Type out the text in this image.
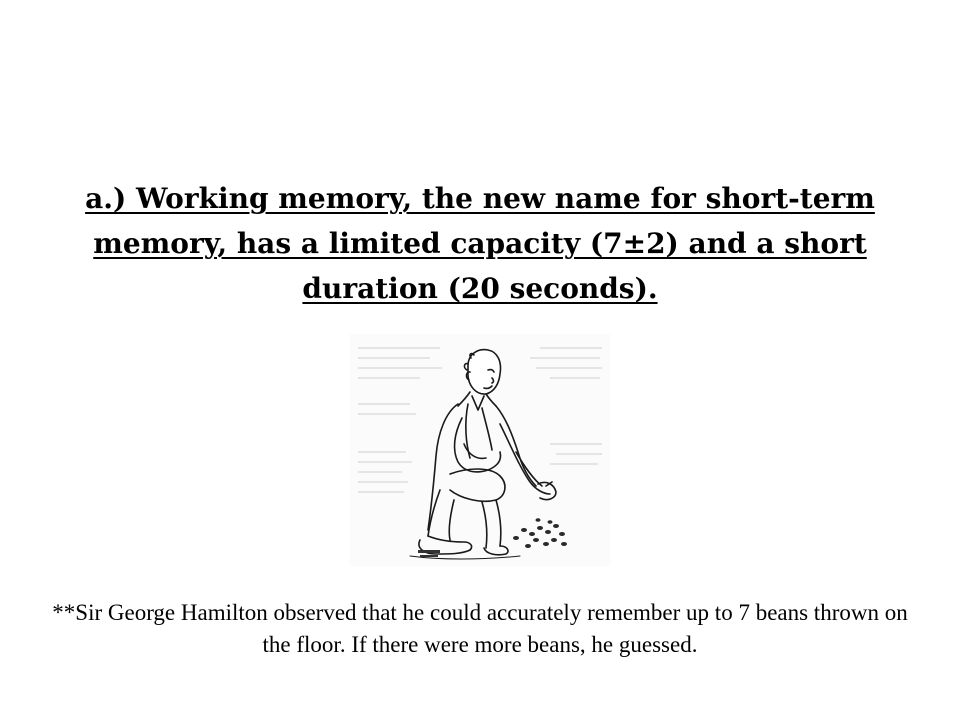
a.) Working memory, the new name for short-term memory, has a limited capacity (7±2) and a short duration (20 seconds).
**Sir George Hamilton observed that he could accurately remember up to 7 beans thrown on the floor. If there were more beans, he guessed.
